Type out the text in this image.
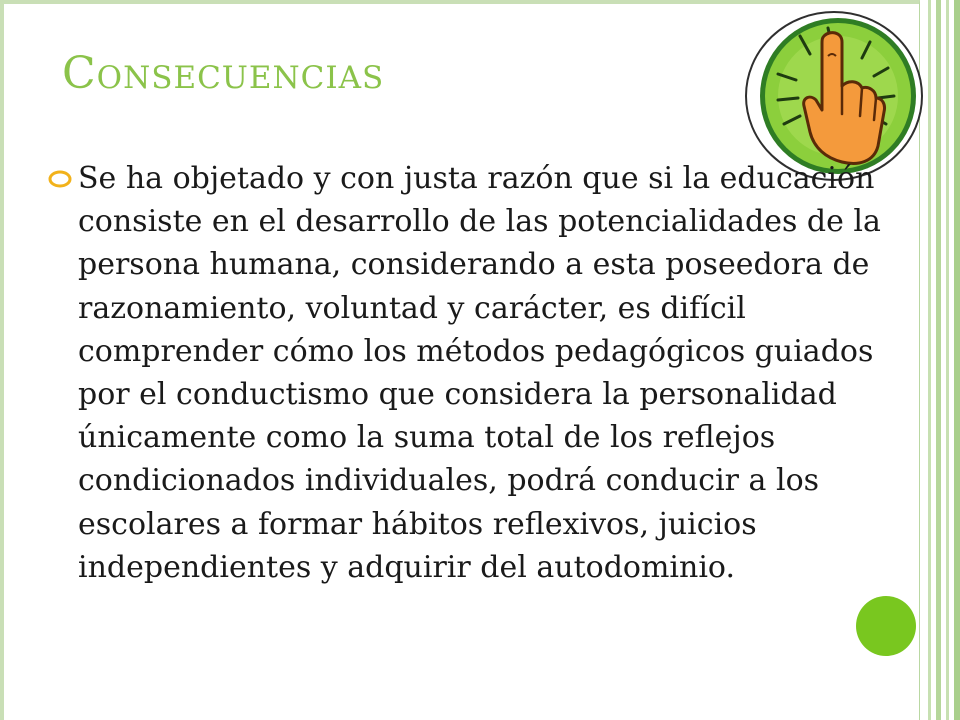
Consecuencias
Se ha objetado y con justa razón que si la educación consiste en el desarrollo de las potencialidades de la persona humana, considerando a esta poseedora de razonamiento, voluntad y carácter, es difícil comprender cómo los métodos pedagógicos guiados por el conductismo que considera la personalidad únicamente como la suma total de los reflejos condicionados individuales, podrá conducir a los escolares a formar hábitos reflexivos, juicios independientes y adquirir del autodominio.
